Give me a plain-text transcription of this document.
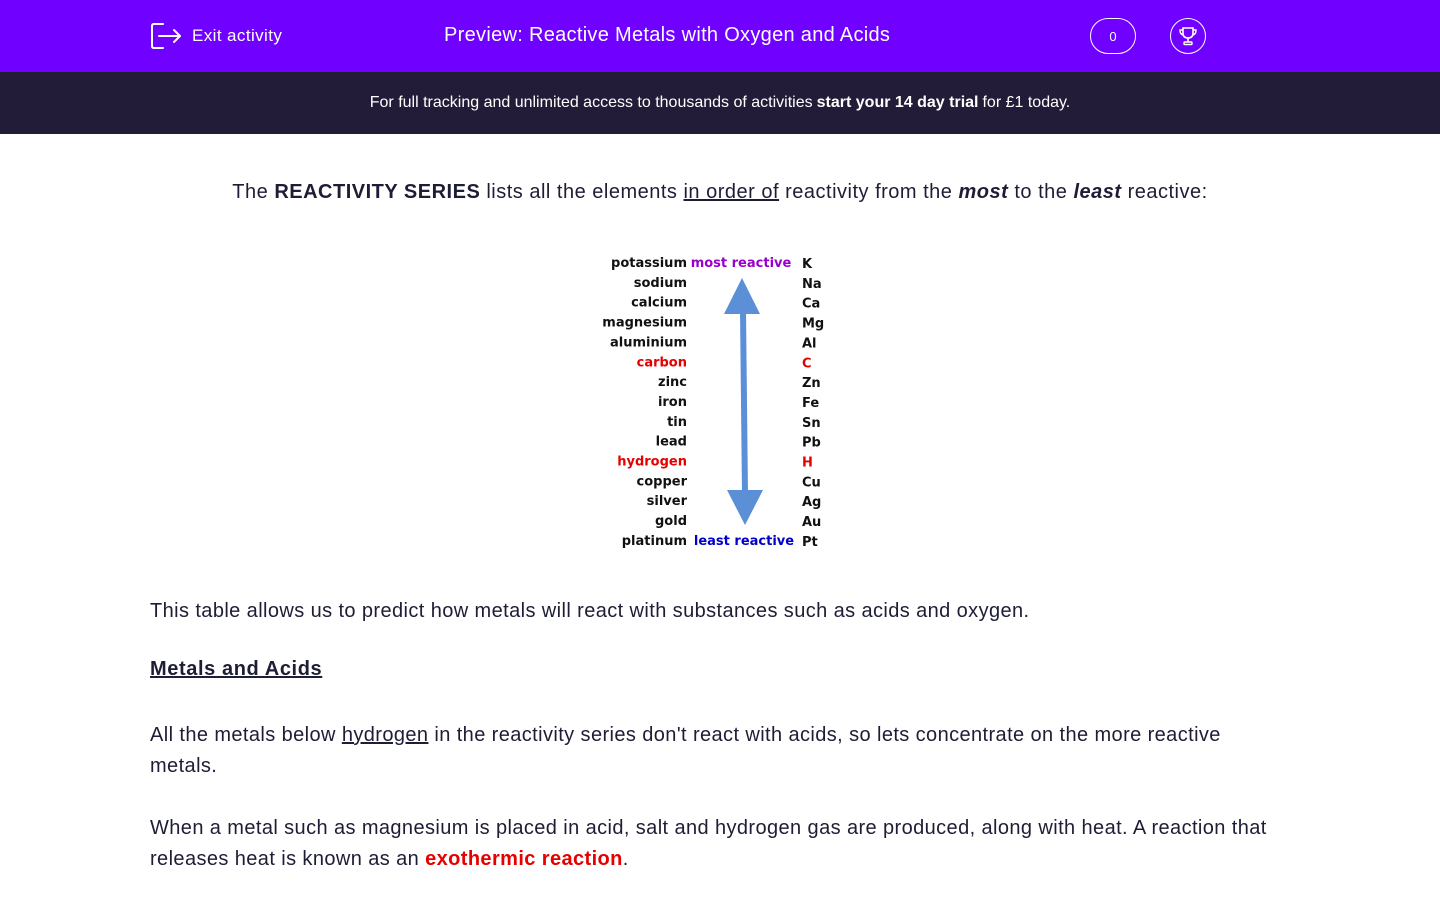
Exit activity	Preview: Reactive Metals with Oxygen and Acids	0
For full tracking and unlimited access to thousands of activities start your 14 day trial for £1 today.
The REACTIVITY SERIES lists all the elements in order of reactivity from the most to the least reactive:
potassium	K
sodium	Na
calcium	Ca
magnesium	Mg
aluminium	Al
carbon	C
zinc	Zn
iron	Fe
tin	Sn
lead	Pb
hydrogen	H
copper	Cu
silver	Ag
gold	Au
platinum	Pt
most reactive
least reactive
This table allows us to predict how metals will react with substances such as acids and oxygen.
Metals and Acids
All the metals below hydrogen in the reactivity series don't react with acids, so lets concentrate on the more reactive metals.
When a metal such as magnesium is placed in acid, salt and hydrogen gas are produced, along with heat. A reaction that releases heat is known as an exothermic reaction.
